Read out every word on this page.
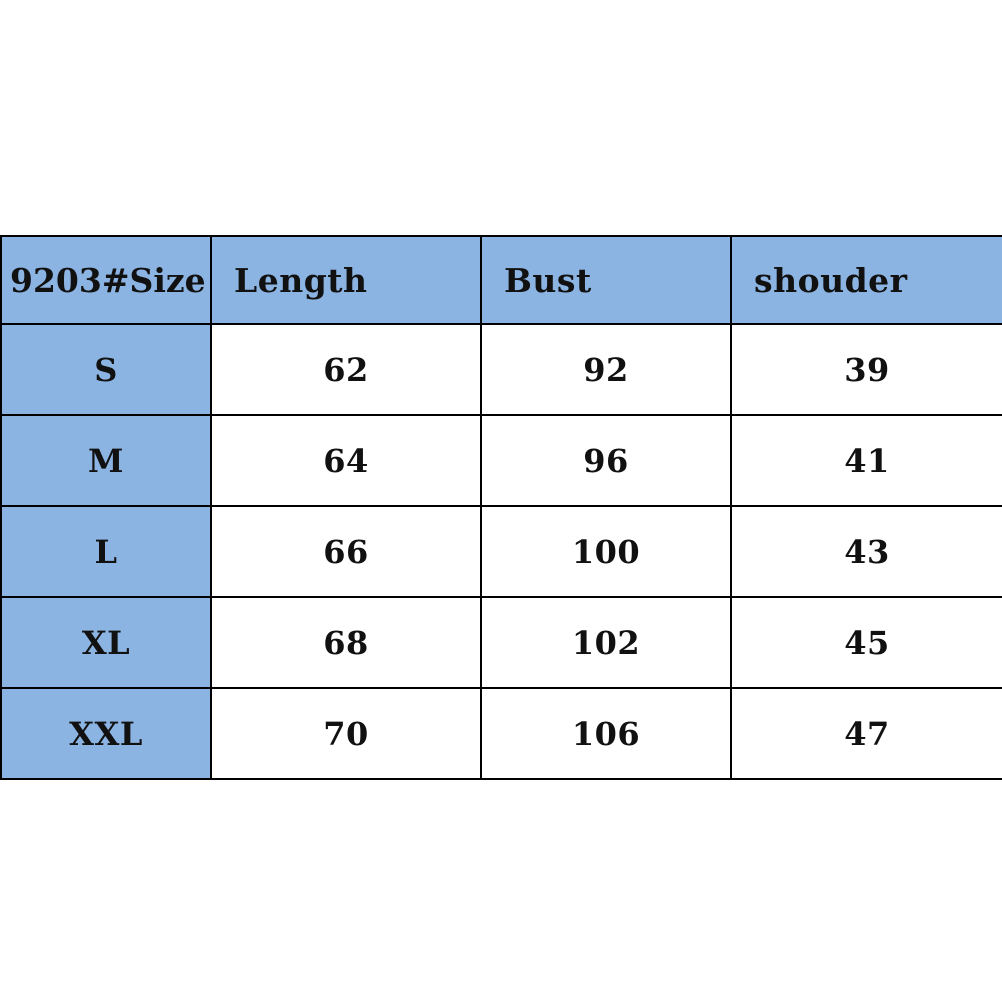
9203#Size	Length	Bust	shouder
S	62	92	39
M	64	96	41
L	66	100	43
XL	68	102	45
XXL	70	106	47
